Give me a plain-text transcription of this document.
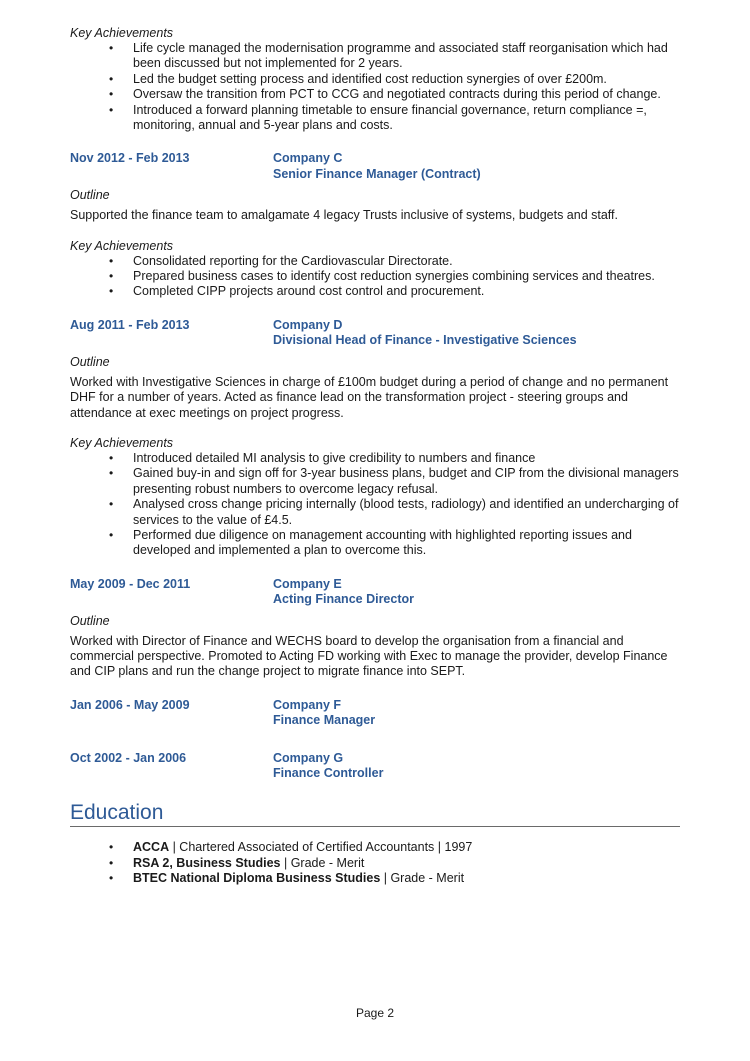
Key Achievements

• Life cycle managed the modernisation programme and associated staff reorganisation which had been discussed but not implemented for 2 years.
• Led the budget setting process and identified cost reduction synergies of over £200m.
• Oversaw the transition from PCT to CCG and negotiated contracts during this period of change.
• Introduced a forward planning timetable to ensure financial governance, return compliance =, monitoring, annual and 5-year plans and costs.
Nov 2012 - Feb 2013	Company C
Senior Finance Manager (Contract)

Outline

Supported the finance team to amalgamate 4 legacy Trusts inclusive of systems, budgets and staff.

Key Achievements

• Consolidated reporting for the Cardiovascular Directorate.
• Prepared business cases to identify cost reduction synergies combining services and theatres.
• Completed CIPP projects around cost control and procurement.
Aug 2011 - Feb 2013	Company D
Divisional Head of Finance - Investigative Sciences

Outline

Worked with Investigative Sciences in charge of £100m budget during a period of change and no permanent DHF for a number of years. Acted as finance lead on the transformation project - steering groups and attendance at exec meetings on project progress.

Key Achievements

• Introduced detailed MI analysis to give credibility to numbers and finance
• Gained buy-in and sign off for 3-year business plans, budget and CIP from the divisional managers presenting robust numbers to overcome legacy refusal.
• Analysed cross change pricing internally (blood tests, radiology) and identified an undercharging of services to the value of £4.5.
• Performed due diligence on management accounting with highlighted reporting issues and developed and implemented a plan to overcome this.
May 2009 - Dec 2011	Company E
Acting Finance Director

Outline

Worked with Director of Finance and WECHS board to develop the organisation from a financial and commercial perspective. Promoted to Acting FD working with Exec to manage the provider, develop Finance and CIP plans and run the change project to migrate finance into SEPT.

Jan 2006 - May 2009	Company F
Finance Manager
Oct 2002 - Jan 2006	Company G
Finance Controller
Education
• ACCA | Chartered Associated of Certified Accountants | 1997
• RSA 2, Business Studies | Grade - Merit
• BTEC National Diploma Business Studies | Grade - Merit
Page 2
